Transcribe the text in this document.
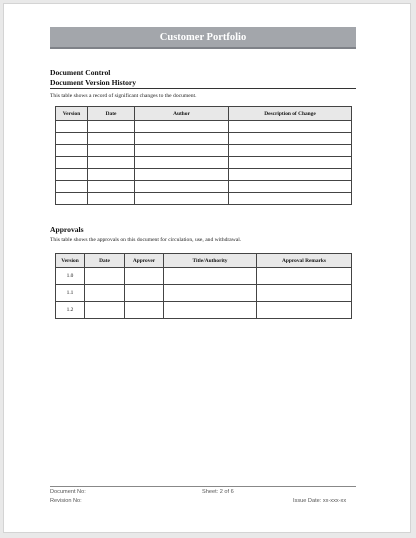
Customer Portfolio
Document Control
Document Version History
This table shows a record of significant changes to the document.
Version	Date	Author	Description of Change

Approvals
This table shows the approvals on this document for circulation, use, and withdrawal.
Version	Date	Approver	Title/Authority	Approval Remarks
1.0				
1.1				
1.2				
Document No:
Revision No:
Sheet: 2 of 6
Issue Date: xx-xxx-xx
